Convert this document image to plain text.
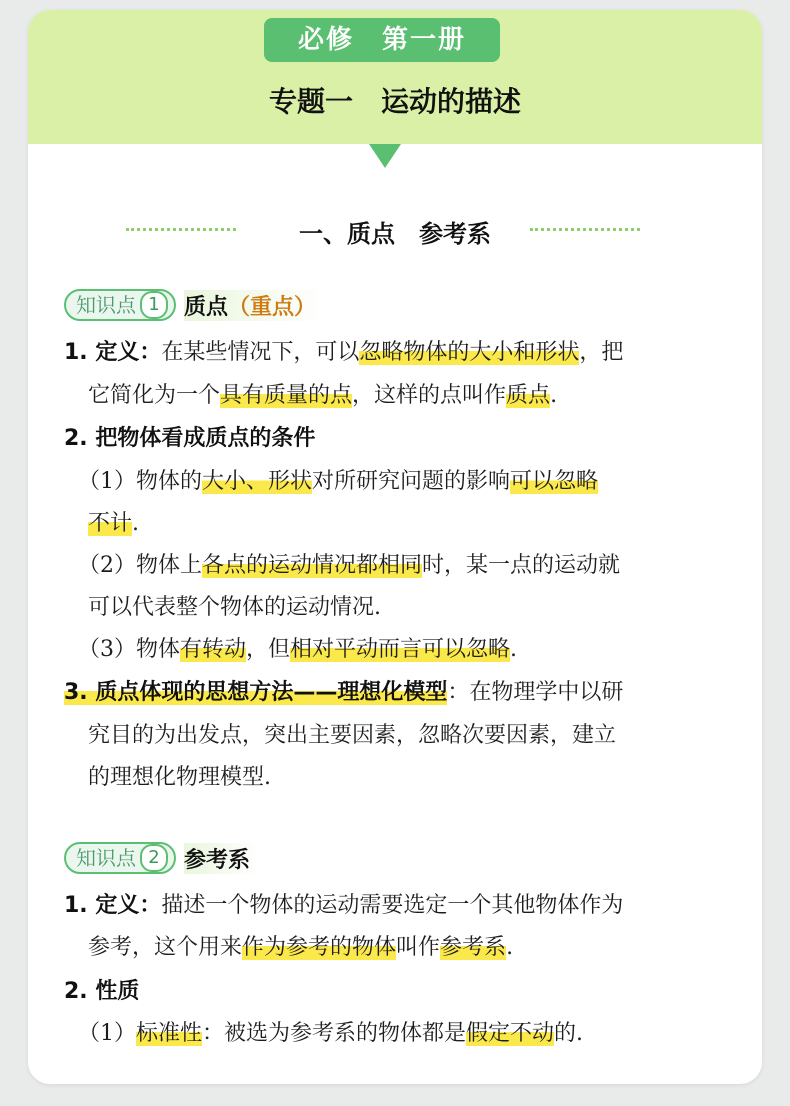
必修　第一册
专题一　运动的描述
一、质点　参考系
知识点 1	质点（重点）
1. 定义：在某些情况下，可以忽略物体的大小和形状，把
它简化为一个具有质量的点，这样的点叫作质点.
2. 把物体看成质点的条件
（1）物体的大小、形状对所研究问题的影响可以忽略
不计.
（2）物体上各点的运动情况都相同时，某一点的运动就
可以代表整个物体的运动情况.
（3）物体有转动，但相对平动而言可以忽略.
3. 质点体现的思想方法——理想化模型：在物理学中以研
究目的为出发点，突出主要因素，忽略次要因素，建立
的理想化物理模型.
知识点 2	参考系
1. 定义：描述一个物体的运动需要选定一个其他物体作为
参考，这个用来作为参考的物体叫作参考系.
2. 性质
（1）标准性：被选为参考系的物体都是假定不动的.
